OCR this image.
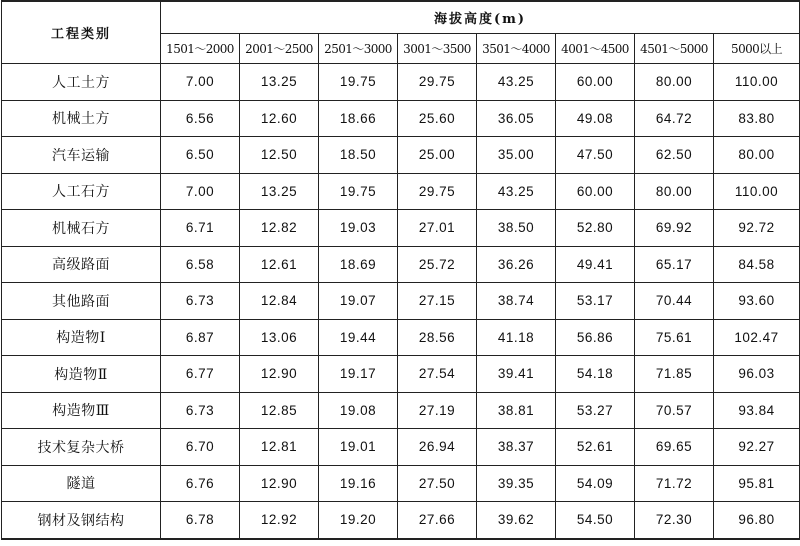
工程类别	海拔高度(m)							
	1501～2000	2001～2500	2501～3000	3001～3500	3501～4000	4001～4500	4501～5000	5000以上
人工土方	7.00	13.25	19.75	29.75	43.25	60.00	80.00	110.00
机械土方	6.56	12.60	18.66	25.60	36.05	49.08	64.72	83.80
汽车运输	6.50	12.50	18.50	25.00	35.00	47.50	62.50	80.00
人工石方	7.00	13.25	19.75	29.75	43.25	60.00	80.00	110.00
机械石方	6.71	12.82	19.03	27.01	38.50	52.80	69.92	92.72
高级路面	6.58	12.61	18.69	25.72	36.26	49.41	65.17	84.58
其他路面	6.73	12.84	19.07	27.15	38.74	53.17	70.44	93.60
构造物Ⅰ	6.87	13.06	19.44	28.56	41.18	56.86	75.61	102.47
构造物Ⅱ	6.77	12.90	19.17	27.54	39.41	54.18	71.85	96.03
构造物Ⅲ	6.73	12.85	19.08	27.19	38.81	53.27	70.57	93.84
技术复杂大桥	6.70	12.81	19.01	26.94	38.37	52.61	69.65	92.27
隧道	6.76	12.90	19.16	27.50	39.35	54.09	71.72	95.81
钢材及钢结构	6.78	12.92	19.20	27.66	39.62	54.50	72.30	96.80
